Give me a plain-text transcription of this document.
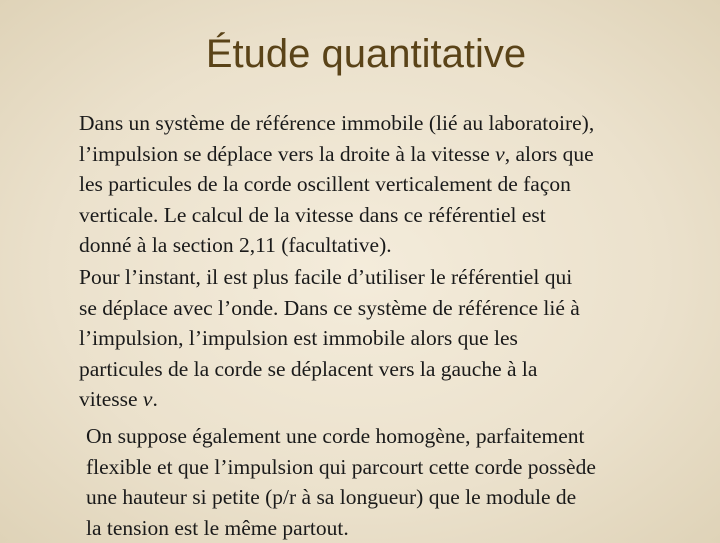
Étude quantitative

Dans un système de référence immobile (lié au laboratoire),
l’impulsion se déplace vers la droite à la vitesse v, alors que
les particules de la corde oscillent verticalement de façon
verticale. Le calcul de la vitesse dans ce référentiel est
donné à la section 2,11 (facultative).

Pour l’instant, il est plus facile d’utiliser le référentiel qui
se déplace avec l’onde. Dans ce système de référence lié à
l’impulsion, l’impulsion est immobile alors que les
particules de la corde se déplacent vers la gauche à la
vitesse v.

On suppose également une corde homogène, parfaitement
flexible et que l’impulsion qui parcourt cette corde possède
une hauteur si petite (p/r à sa longueur) que le module de
la tension est le même partout.
